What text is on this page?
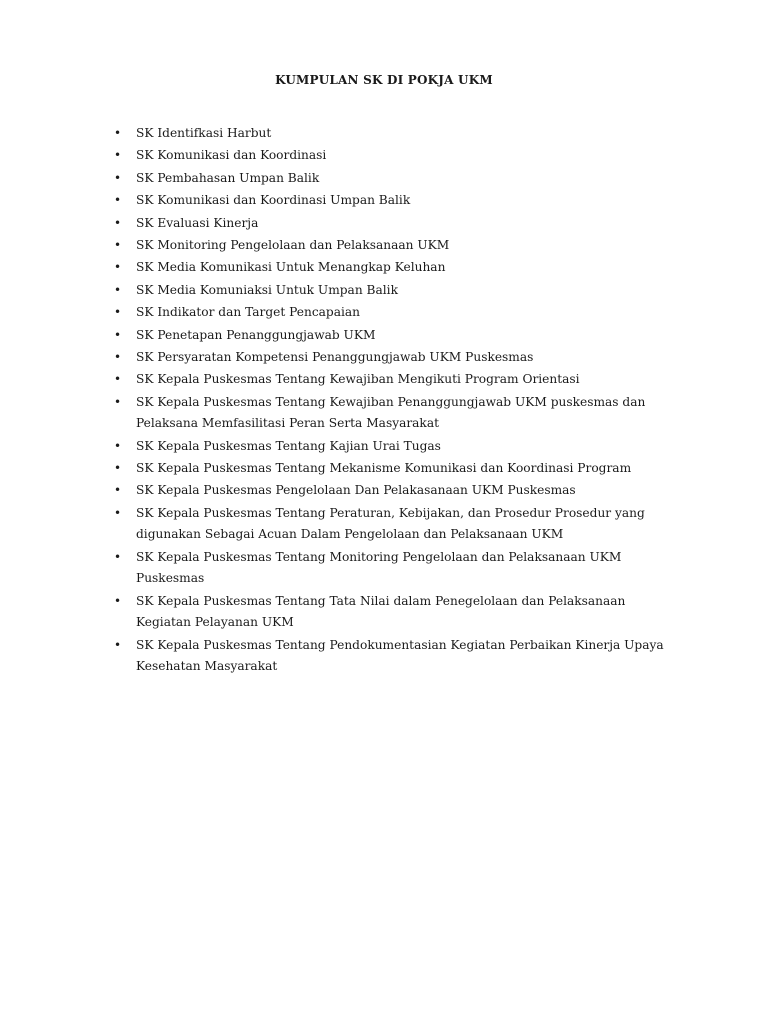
KUMPULAN SK DI POKJA UKM
• SK Identifkasi Harbut
• SK Komunikasi dan Koordinasi
• SK Pembahasan Umpan Balik
• SK Komunikasi dan Koordinasi Umpan Balik
• SK Evaluasi Kinerja
• SK Monitoring Pengelolaan dan Pelaksanaan UKM
• SK Media Komunikasi Untuk Menangkap Keluhan
• SK Media Komuniaksi Untuk Umpan Balik
• SK Indikator dan Target Pencapaian
• SK Penetapan Penanggungjawab UKM
• SK Persyaratan Kompetensi Penanggungjawab UKM Puskesmas
• SK Kepala Puskesmas Tentang Kewajiban Mengikuti Program Orientasi
• SK Kepala Puskesmas Tentang Kewajiban Penanggungjawab UKM puskesmas dan Pelaksana Memfasilitasi Peran Serta Masyarakat
• SK Kepala Puskesmas Tentang Kajian Urai Tugas
• SK Kepala Puskesmas Tentang Mekanisme Komunikasi dan Koordinasi Program
• SK Kepala Puskesmas Pengelolaan Dan Pelakasanaan UKM Puskesmas
• SK Kepala Puskesmas Tentang Peraturan, Kebijakan, dan Prosedur Prosedur yang digunakan Sebagai Acuan Dalam Pengelolaan dan Pelaksanaan UKM
• SK Kepala Puskesmas Tentang Monitoring Pengelolaan dan Pelaksanaan UKM Puskesmas
• SK Kepala Puskesmas Tentang Tata Nilai dalam Penegelolaan dan Pelaksanaan Kegiatan Pelayanan UKM
• SK Kepala Puskesmas Tentang Pendokumentasian Kegiatan Perbaikan Kinerja Upaya Kesehatan Masyarakat
